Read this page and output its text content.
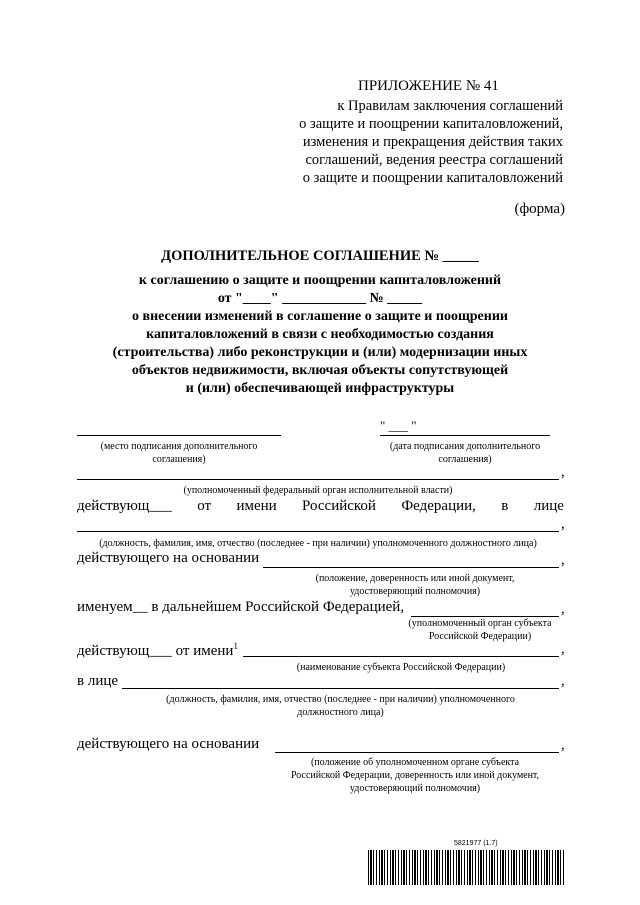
ПРИЛОЖЕНИЕ № 41
к Правилам заключения соглашений
о защите и поощрении капиталовложений,
изменения и прекращения действия таких
соглашений, ведения реестра соглашений
о защите и поощрении капиталовложений
(форма)
ДОПОЛНИТЕЛЬНОЕ СОГЛАШЕНИЕ № _____
к соглашению о защите и поощрении капиталовложений
от "____" ____________ № _____
о внесении изменений в соглашение о защите и поощрении
капиталовложений в связи с необходимостью создания
(строительства) либо реконструкции и (или) модернизации иных
объектов недвижимости, включая объекты сопутствующей
и (или) обеспечивающей инфраструктуры
(место подписания дополнительного
соглашения)
" ___ "
(дата подписания дополнительного
соглашения)
,
(уполномоченный федеральный орган исполнительной власти)
действующ___ от имени Российской Федерации, в лице
,
(должность, фамилия, имя, отчество (последнее - при наличии) уполномоченного должностного лица)
действующего на основании	,
(положение, доверенность или иной документ,
удостоверяющий полномочия)
именуем__ в дальнейшем Российской Федерацией,	,
(уполномоченный орган субъекта
Российской Федерации)
действующ___ от имени$^1$	,
(наименование субъекта Российской Федерации)
в лице	,
(должность, фамилия, имя, отчество (последнее - при наличии) уполномоченного
должностного лица)
действующего на основании	,
(положение об уполномоченном органе субъекта
Российской Федерации, доверенность или иной документ,
удостоверяющий полномочия)
5821977 (1.7)
